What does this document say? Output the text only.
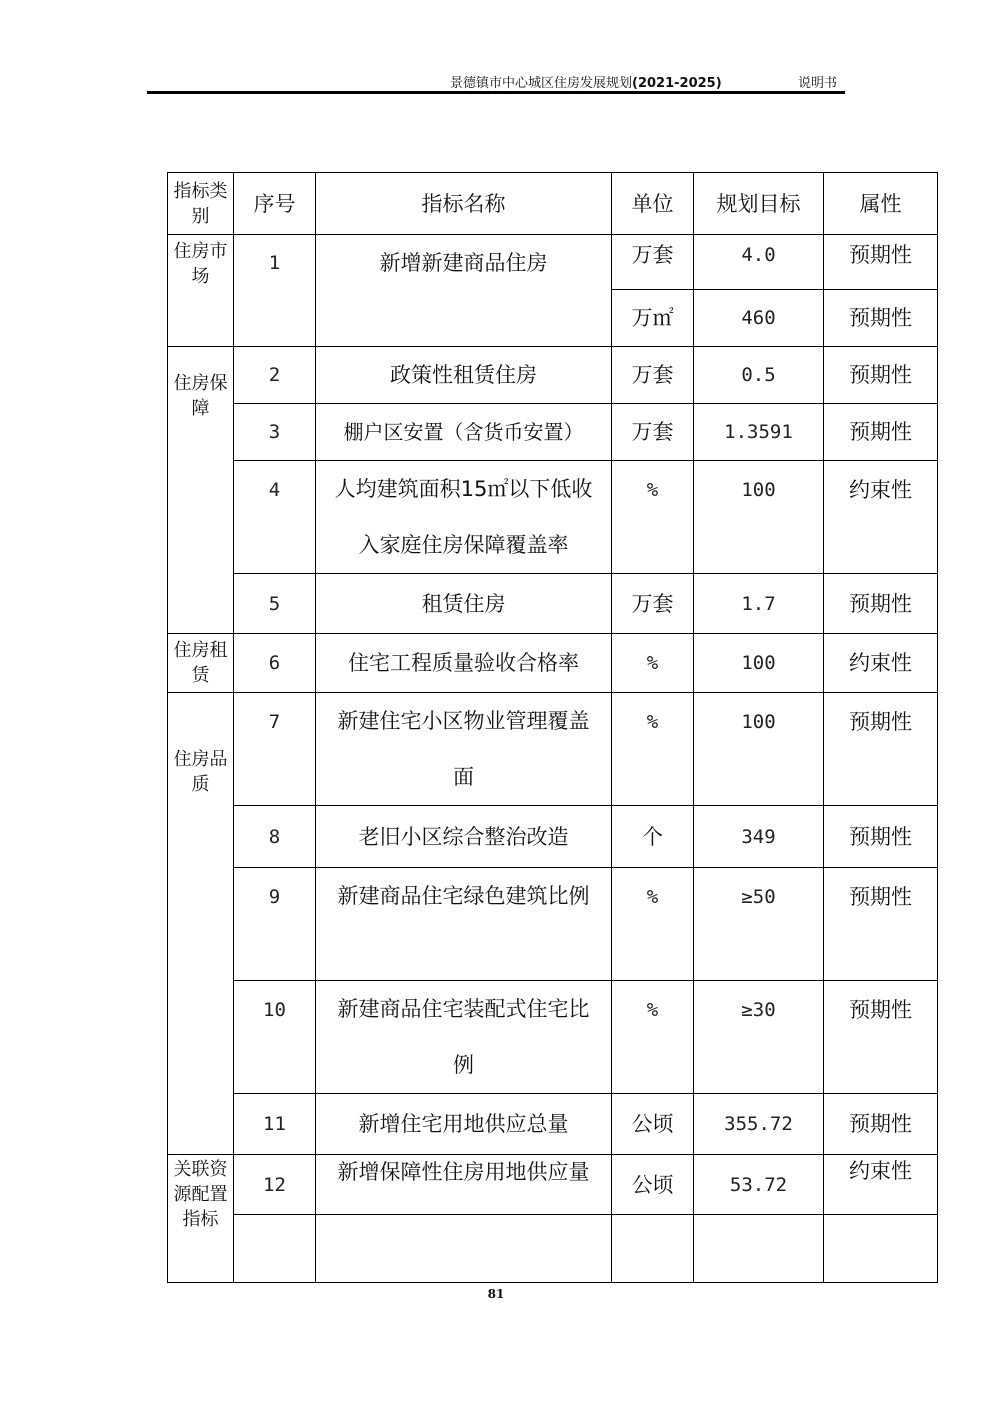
景德镇市中心城区住房发展规划(2021-2025)	说明书
指标类别	序号	指标名称	单位	规划目标	属性
住房市场	1	新增新建商品住房	万套	4.0	预期性
			万㎡	460	预期性
住房保障	2	政策性租赁住房	万套	0.5	预期性
	3	棚户区安置（含货币安置）	万套	1.3591	预期性
	4	人均建筑面积15㎡以下低收入家庭住房保障覆盖率	%	100	约束性
	5	租赁住房	万套	1.7	预期性
住房租赁	6	住宅工程质量验收合格率	%	100	约束性
住房品质	7	新建住宅小区物业管理覆盖面	%	100	预期性
	8	老旧小区综合整治改造	个	349	预期性
	9	新建商品住宅绿色建筑比例	%	≥50	预期性
	10	新建商品住宅装配式住宅比例	%	≥30	预期性
	11	新增住宅用地供应总量	公顷	355.72	预期性
关联资源配置指标	12	新增保障性住房用地供应量	公顷	53.72	约束性

81
